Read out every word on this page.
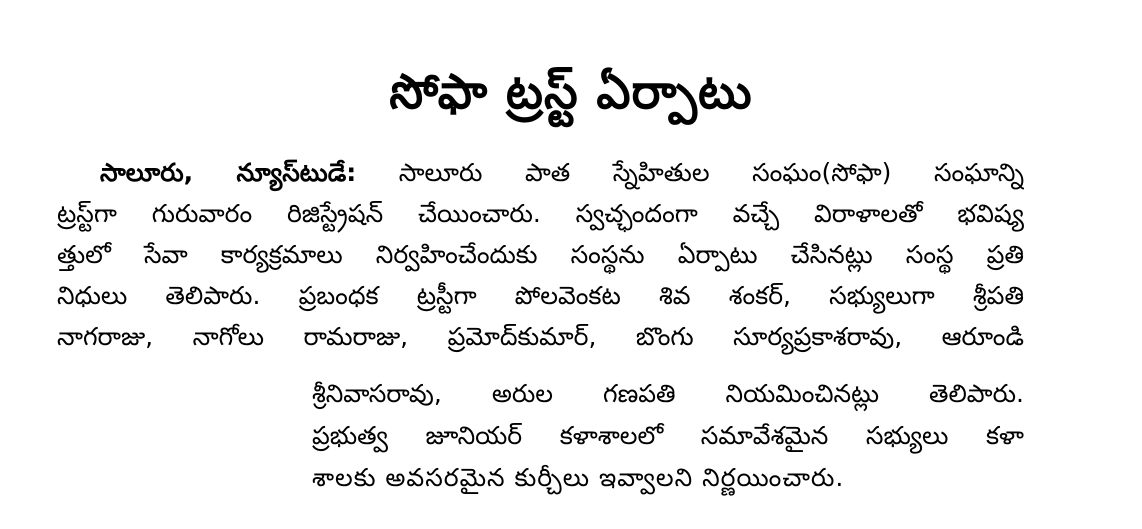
సోఫా ట్రస్ట్ ఏర్పాటు
సాలూరు, న్యూస్‌టుడే: సాలూరు పాత స్నేహితుల సంఘం(సోఫా) సంఘాన్ని
ట్రస్ట్‌గా గురువారం రిజిస్ట్రేషన్ చేయించారు. స్వచ్ఛందంగా వచ్చే విరాళాలతో భవిష్య
త్తులో సేవా కార్యక్రమాలు నిర్వహించేందుకు సంస్థను ఏర్పాటు చేసినట్లు సంస్థ ప్రతి
నిధులు తెలిపారు. ప్రబంధక ట్రస్టీగా పోలవెంకట శివ శంకర్, సభ్యులుగా శ్రీపతి
నాగరాజు, నాగోలు రామరాజు, ప్రమోద్‌కుమార్, బొంగు సూర్యప్రకాశరావు, ఆరూండి
శ్రీనివాసరావు, అరుల గణపతి నియమించినట్లు తెలిపారు.
ప్రభుత్వ జూనియర్ కళాశాలలో సమావేశమైన సభ్యులు కళా
శాలకు అవసరమైన కుర్చీలు ఇవ్వాలని నిర్ణయించారు.
